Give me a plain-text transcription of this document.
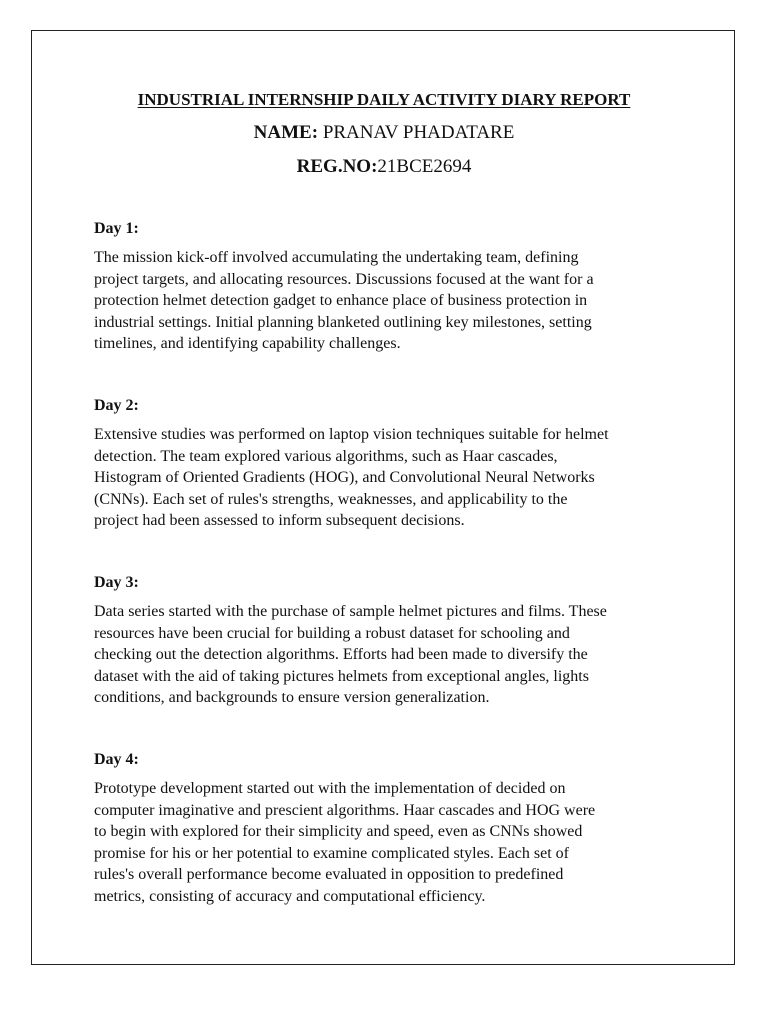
INDUSTRIAL INTERNSHIP DAILY ACTIVITY DIARY REPORT

NAME: PRANAV PHADATARE

REG.NO:21BCE2694

Day 1:

The mission kick-off involved accumulating the undertaking team, defining
project targets, and allocating resources. Discussions focused at the want for a
protection helmet detection gadget to enhance place of business protection in
industrial settings. Initial planning blanketed outlining key milestones, setting
timelines, and identifying capability challenges.

Day 2:

Extensive studies was performed on laptop vision techniques suitable for helmet
detection. The team explored various algorithms, such as Haar cascades,
Histogram of Oriented Gradients (HOG), and Convolutional Neural Networks
(CNNs). Each set of rules's strengths, weaknesses, and applicability to the
project had been assessed to inform subsequent decisions.

Day 3:

Data series started with the purchase of sample helmet pictures and films. These
resources have been crucial for building a robust dataset for schooling and
checking out the detection algorithms. Efforts had been made to diversify the
dataset with the aid of taking pictures helmets from exceptional angles, lights
conditions, and backgrounds to ensure version generalization.

Day 4:

Prototype development started out with the implementation of decided on
computer imaginative and prescient algorithms. Haar cascades and HOG were
to begin with explored for their simplicity and speed, even as CNNs showed
promise for his or her potential to examine complicated styles. Each set of
rules's overall performance become evaluated in opposition to predefined
metrics, consisting of accuracy and computational efficiency.
